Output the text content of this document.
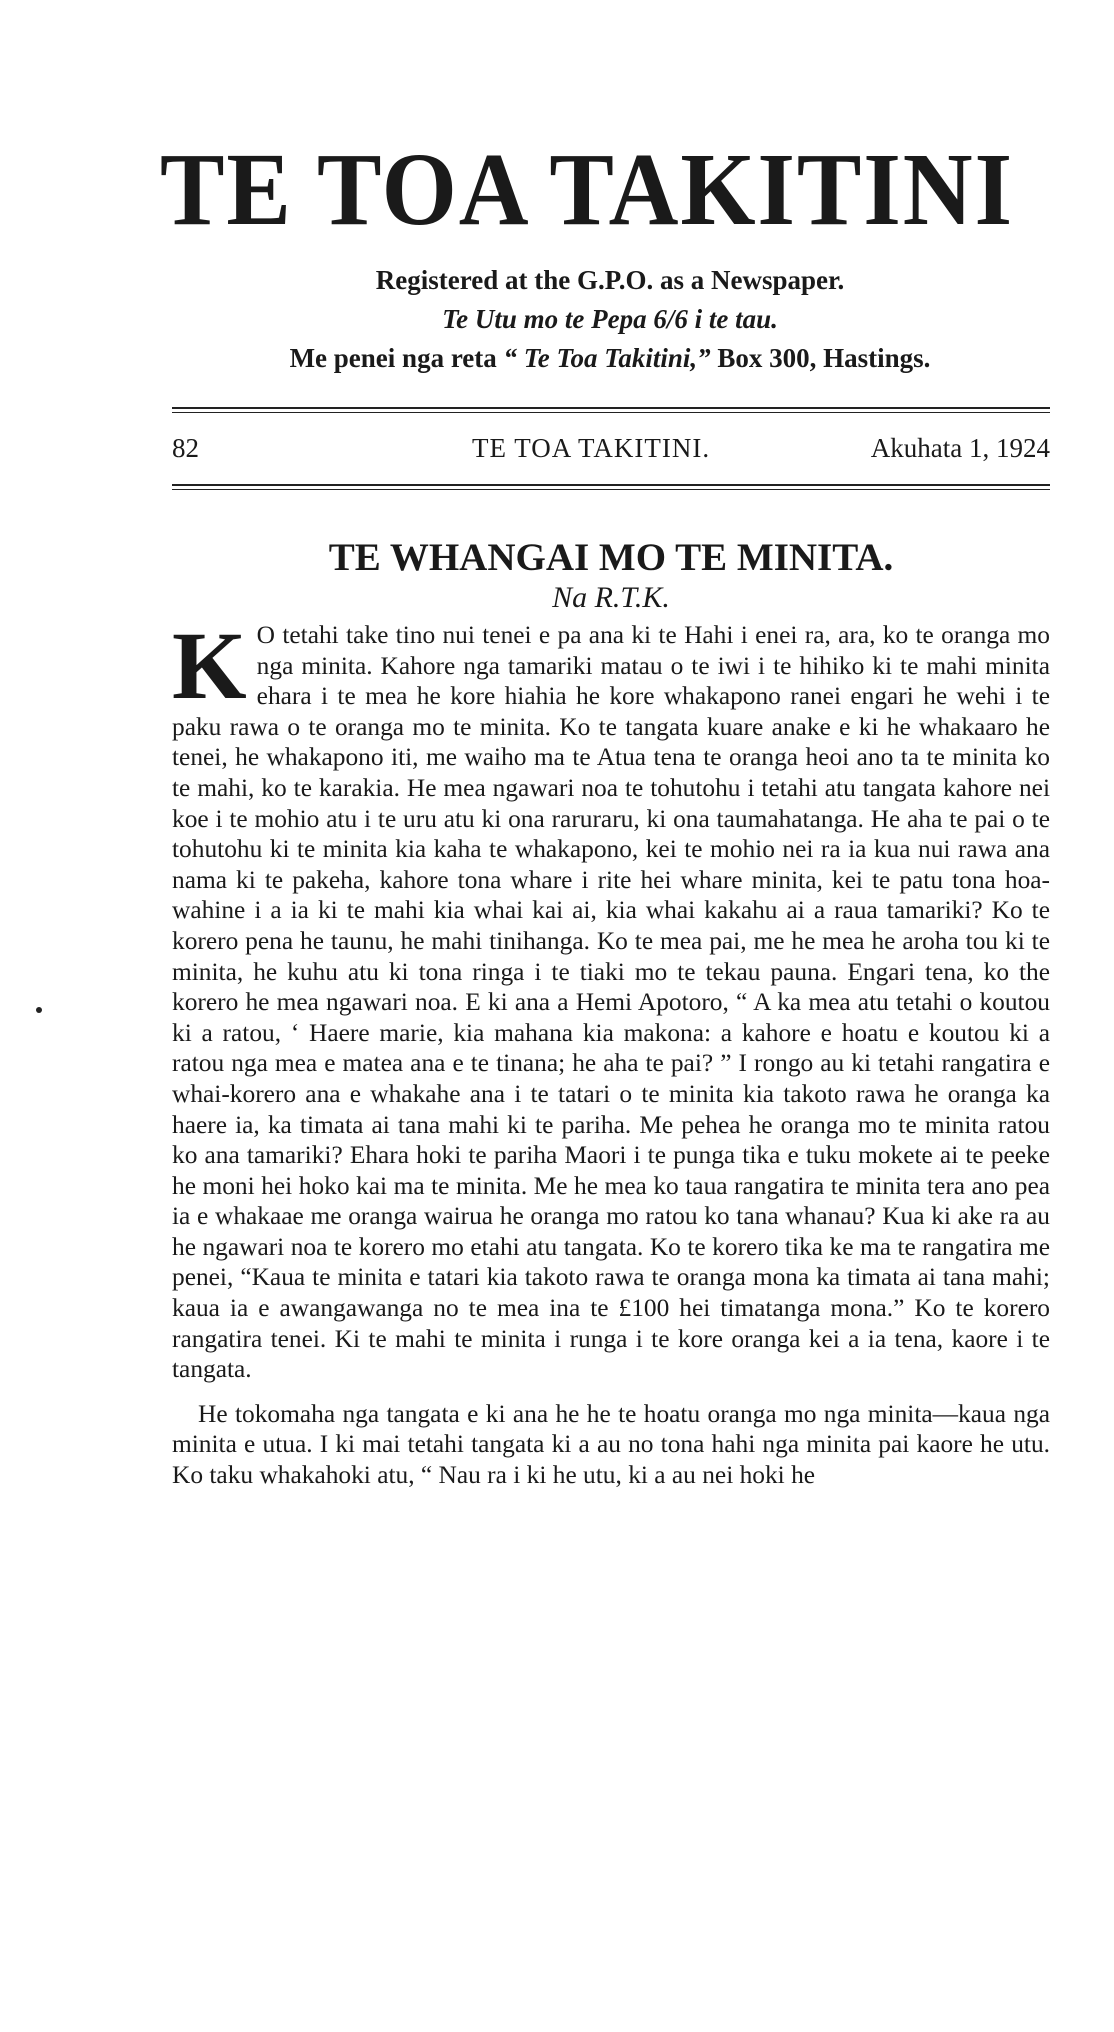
TE TOA TAKITINI
Registered at the G.P.O. as a Newspaper.
Te Utu mo te Pepa 6/6 i te tau.
Me penei nga reta “ Te Toa Takitini,” Box 300, Hastings.
82	TE TOA TAKITINI.	Akuhata 1, 1924
TE WHANGAI MO TE MINITA.
Na R.T.K.

K O tetahi take tino nui tenei e pa ana ki te Hahi i enei ra, ara, ko te oranga mo nga minita. Kahore nga tamariki matau o te iwi i te hihiko ki te mahi minita ehara i te mea he kore hiahia he kore whakapono ranei engari he wehi i te paku rawa o te oranga mo te minita. Ko te tangata kuare anake e ki he whakaaro he tenei, he whakapono iti, me waiho ma te Atua tena te oranga heoi ano ta te minita ko te mahi, ko te karakia. He mea ngawari noa te tohutohu i tetahi atu tangata kahore nei koe i te mohio atu i te uru atu ki ona raruraru, ki ona taumahatanga. He aha te pai o te tohutohu ki te minita kia kaha te whakapono, kei te mohio nei ra ia kua nui rawa ana nama ki te pakeha, kahore tona whare i rite hei whare minita, kei te patu tona hoa-wahine i a ia ki te mahi kia whai kai ai, kia whai kakahu ai a raua tamariki? Ko te korero pena he taunu, he mahi tinihanga. Ko te mea pai, me he mea he aroha tou ki te minita, he kuhu atu ki tona ringa i te tiaki mo te tekau pauna. Engari tena, ko the korero he mea ngawari noa. E ki ana a Hemi Apotoro, “ A ka mea atu tetahi o koutou ki a ratou, ‘ Haere marie, kia mahana kia makona: a kahore e hoatu e koutou ki a ratou nga mea e matea ana e te tinana; he aha te pai? ” I rongo au ki tetahi rangatira e whai-korero ana e whakahe ana i te tatari o te minita kia takoto rawa he oranga ka haere ia, ka timata ai tana mahi ki te pariha. Me pehea he oranga mo te minita ratou ko ana tamariki? Ehara hoki te pariha Maori i te punga tika e tuku mokete ai te peeke he moni hei hoko kai ma te minita. Me he mea ko taua rangatira te minita tera ano pea ia e whakaae me oranga wairua he oranga mo ratou ko tana whanau? Kua ki ake ra au he ngawari noa te korero mo etahi atu tangata. Ko te korero tika ke ma te rangatira me penei, “Kaua te minita e tatari kia takoto rawa te oranga mona ka timata ai tana mahi; kaua ia e awangawanga no te mea ina te £100 hei timatanga mona.” Ko te korero rangatira tenei. Ki te mahi te minita i runga i te kore oranga kei a ia tena, kaore i te tangata.

He tokomaha nga tangata e ki ana he he te hoatu oranga mo nga minita—kaua nga minita e utua. I ki mai tetahi tangata ki a au no tona hahi nga minita pai kaore he utu. Ko taku whakahoki atu, “ Nau ra i ki he utu, ki a au nei hoki he
